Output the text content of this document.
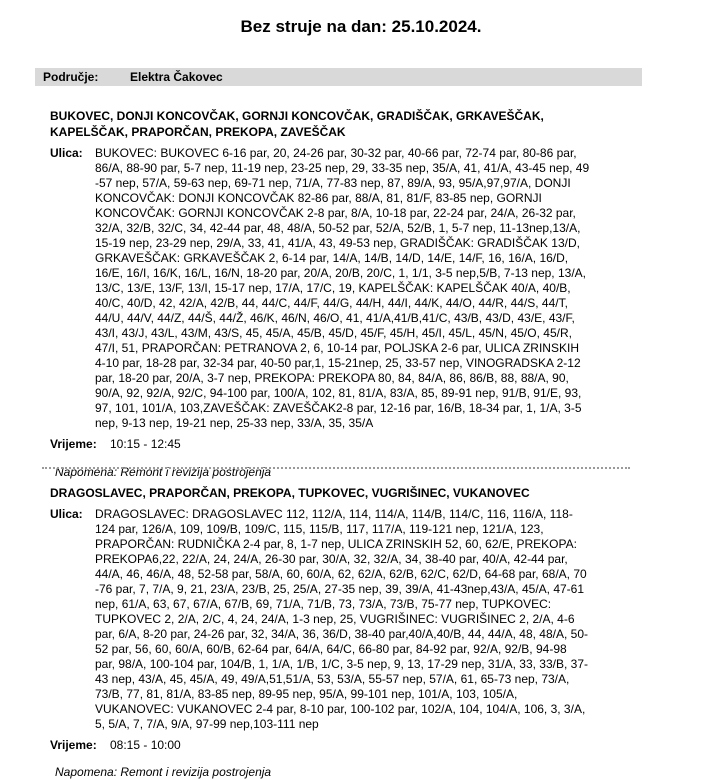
Bez struje na dan: 25.10.2024.
Područje:	Elektra Čakovec
BUKOVEC, DONJI KONCOVČAK, GORNJI KONCOVČAK, GRADIŠČAK, GRKAVEŠČAK,
KAPELŠČAK, PRAPORČAN, PREKOPA, ZAVEŠČAK
Ulica: BUKOVEC: BUKOVEC 6-16 par, 20, 24-26 par, 30-32 par, 40-66 par, 72-74 par, 80-86 par,
86/A, 88-90 par, 5-7 nep, 11-19 nep, 23-25 nep, 29, 33-35 nep, 35/A, 41, 41/A, 43-45 nep, 49
-57 nep, 57/A, 59-63 nep, 69-71 nep, 71/A, 77-83 nep, 87, 89/A, 93, 95/A,97,97/A, DONJI
KONCOVČAK: DONJI KONCOVČAK 82-86 par, 88/A, 81, 81/F, 83-85 nep, GORNJI
KONCOVČAK: GORNJI KONCOVČAK 2-8 par, 8/A, 10-18 par, 22-24 par, 24/A, 26-32 par,
32/A, 32/B, 32/C, 34, 42-44 par, 48, 48/A, 50-52 par, 52/A, 52/B, 1, 5-7 nep, 11-13nep,13/A,
15-19 nep, 23-29 nep, 29/A, 33, 41, 41/A, 43, 49-53 nep, GRADIŠČAK: GRADIŠČAK 13/D,
GRKAVEŠČAK: GRKAVEŠČAK 2, 6-14 par, 14/A, 14/B, 14/D, 14/E, 14/F, 16, 16/A, 16/D,
16/E, 16/I, 16/K, 16/L, 16/N, 18-20 par, 20/A, 20/B, 20/C, 1, 1/1, 3-5 nep,5/B, 7-13 nep, 13/A,
13/C, 13/E, 13/F, 13/I, 15-17 nep, 17/A, 17/C, 19, KAPELŠČAK: KAPELŠČAK 40/A, 40/B,
40/C, 40/D, 42, 42/A, 42/B, 44, 44/C, 44/F, 44/G, 44/H, 44/I, 44/K, 44/O, 44/R, 44/S, 44/T,
44/U, 44/V, 44/Z, 44/Š, 44/Ž, 46/K, 46/N, 46/O, 41, 41/A,41/B,41/C, 43/B, 43/D, 43/E, 43/F,
43/I, 43/J, 43/L, 43/M, 43/S, 45, 45/A, 45/B, 45/D, 45/F, 45/H, 45/I, 45/L, 45/N, 45/O, 45/R,
47/I, 51, PRAPORČAN: PETRANOVA 2, 6, 10-14 par, POLJSKA 2-6 par, ULICA ZRINSKIH
4-10 par, 18-28 par, 32-34 par, 40-50 par,1, 15-21nep, 25, 33-57 nep, VINOGRADSKA 2-12
par, 18-20 par, 20/A, 3-7 nep, PREKOPA: PREKOPA 80, 84, 84/A, 86, 86/B, 88, 88/A, 90,
90/A, 92, 92/A, 92/C, 94-100 par, 100/A, 102, 81, 81/A, 83/A, 85, 89-91 nep, 91/B, 91/E, 93,
97, 101, 101/A, 103,ZAVEŠČAK: ZAVEŠČAK2-8 par, 12-16 par, 16/B, 18-34 par, 1, 1/A, 3-5
nep, 9-13 nep, 19-21 nep, 25-33 nep, 33/A, 35, 35/A
Vrijeme: 10:15 - 12:45
Napomena: Remont i revizija postrojenja
DRAGOSLAVEC, PRAPORČAN, PREKOPA, TUPKOVEC, VUGRIŠINEC, VUKANOVEC
Ulica: DRAGOSLAVEC: DRAGOSLAVEC 112, 112/A, 114, 114/A, 114/B, 114/C, 116, 116/A, 118-
124 par, 126/A, 109, 109/B, 109/C, 115, 115/B, 117, 117/A, 119-121 nep, 121/A, 123,
PRAPORČAN: RUDNIČKA 2-4 par, 8, 1-7 nep, ULICA ZRINSKIH 52, 60, 62/E, PREKOPA:
PREKOPA6,22, 22/A, 24, 24/A, 26-30 par, 30/A, 32, 32/A, 34, 38-40 par, 40/A, 42-44 par,
44/A, 46, 46/A, 48, 52-58 par, 58/A, 60, 60/A, 62, 62/A, 62/B, 62/C, 62/D, 64-68 par, 68/A, 70
-76 par, 7, 7/A, 9, 21, 23/A, 23/B, 25, 25/A, 27-35 nep, 39, 39/A, 41-43nep,43/A, 45/A, 47-61
nep, 61/A, 63, 67, 67/A, 67/B, 69, 71/A, 71/B, 73, 73/A, 73/B, 75-77 nep, TUPKOVEC:
TUPKOVEC 2, 2/A, 2/C, 4, 24, 24/A, 1-3 nep, 25, VUGRIŠINEC: VUGRIŠINEC 2, 2/A, 4-6
par, 6/A, 8-20 par, 24-26 par, 32, 34/A, 36, 36/D, 38-40 par,40/A,40/B, 44, 44/A, 48, 48/A, 50-
52 par, 56, 60, 60/A, 60/B, 62-64 par, 64/A, 64/C, 66-80 par, 84-92 par, 92/A, 92/B, 94-98
par, 98/A, 100-104 par, 104/B, 1, 1/A, 1/B, 1/C, 3-5 nep, 9, 13, 17-29 nep, 31/A, 33, 33/B, 37-
43 nep, 43/A, 45, 45/A, 49, 49/A,51,51/A, 53, 53/A, 55-57 nep, 57/A, 61, 65-73 nep, 73/A,
73/B, 77, 81, 81/A, 83-85 nep, 89-95 nep, 95/A, 99-101 nep, 101/A, 103, 105/A,
VUKANOVEC: VUKANOVEC 2-4 par, 8-10 par, 100-102 par, 102/A, 104, 104/A, 106, 3, 3/A,
5, 5/A, 7, 7/A, 9/A, 97-99 nep,103-111 nep
Vrijeme: 08:15 - 10:00
Napomena: Remont i revizija postrojenja
